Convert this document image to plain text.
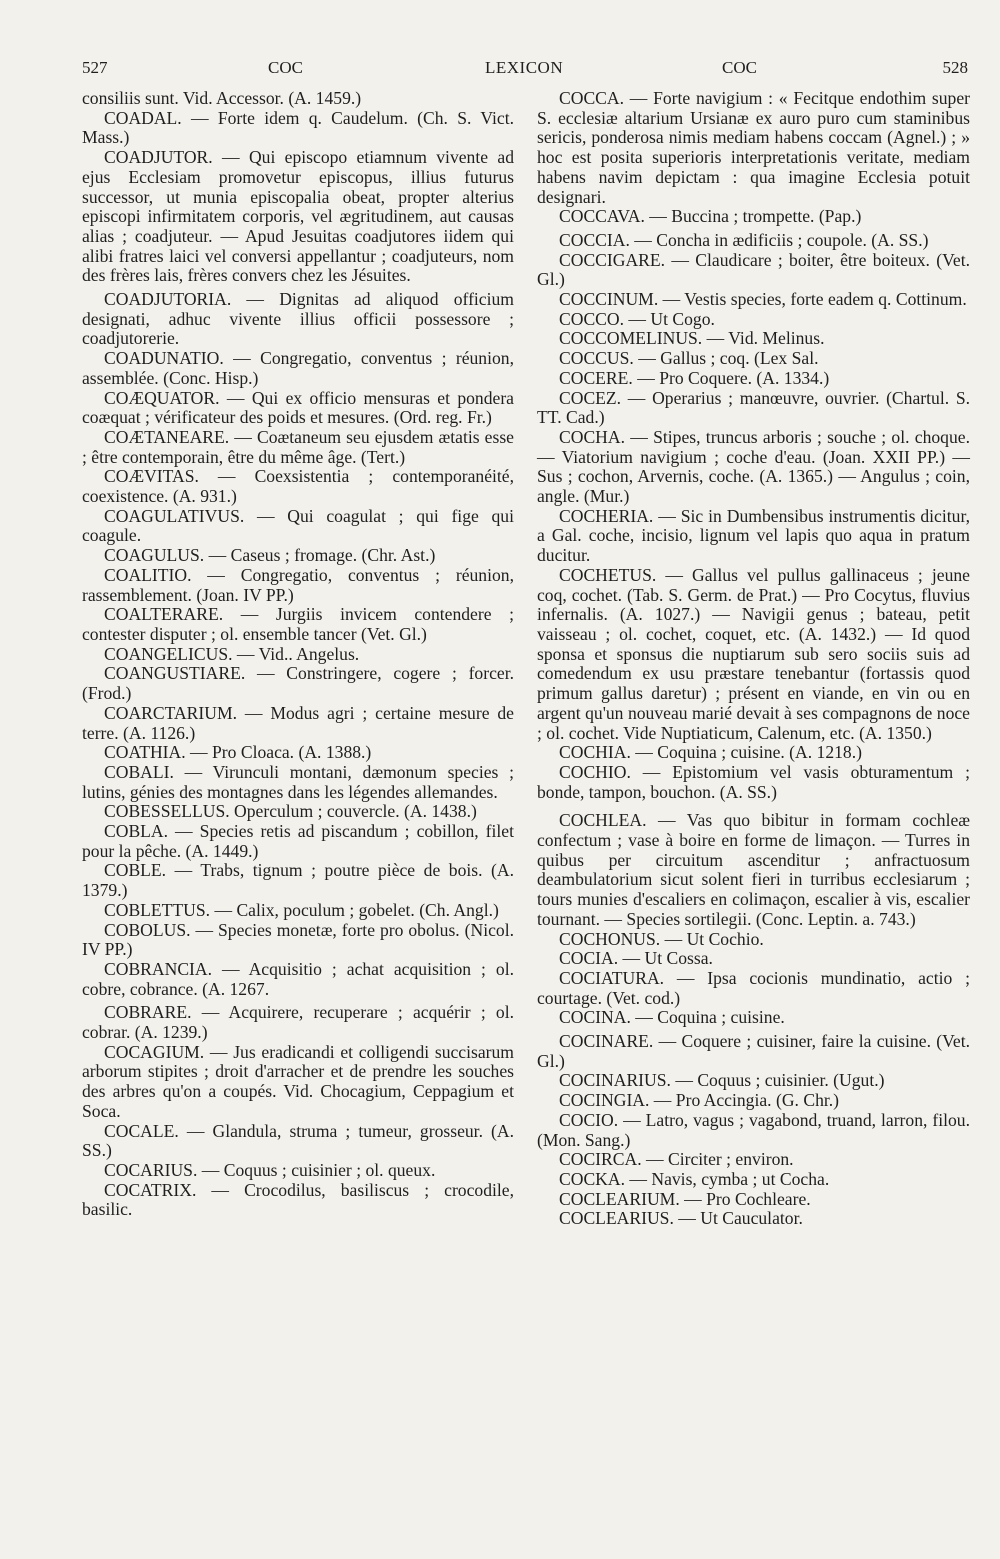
527	COC	LEXICON	COC	528

consiliis sunt. Vid. Accessor. (A. 1459.)

COADAL. — Forte idem q. Caudelum. (Ch. S. Vict. Mass.)

COADJUTOR. — Qui episcopo etiamnum vivente ad ejus Ecclesiam promovetur episcopus, illius futurus successor, ut munia episcopalia obeat, propter alterius episcopi infirmitatem corporis, vel ægritudinem, aut causas alias ; coadjuteur. — Apud Jesuitas coadjutores iidem qui alibi fratres laici vel conversi appellantur ; coadjuteurs, nom des frères lais, frères convers chez les Jésuites.

COADJUTORIA. — Dignitas ad aliquod officium designati, adhuc vivente illius officii possessore ; coadjutorerie.

COADUNATIO. — Congregatio, conventus ; réunion, assemblée. (Conc. Hisp.)

COÆQUATOR. — Qui ex officio mensuras et pondera coæquat ; vérificateur des poids et mesures. (Ord. reg. Fr.)

COÆTANEARE. — Coætaneum seu ejusdem ætatis esse ; être contemporain, être du même âge. (Tert.)

COÆVITAS. — Coexsistentia ; contemporanéité, coexistence. (A. 931.)

COAGULATIVUS. — Qui coagulat ; qui fige qui coagule.

COAGULUS. — Caseus ; fromage. (Chr. Ast.)

COALITIO. — Congregatio, conventus ; réunion, rassemblement. (Joan. IV PP.)

COALTERARE. — Jurgiis invicem contendere ; contester disputer ; ol. ensemble tancer (Vet. Gl.)

COANGELICUS. — Vid.. Angelus.

COANGUSTIARE. — Constringere, cogere ; forcer. (Frod.)

COARCTARIUM. — Modus agri ; certaine mesure de terre. (A. 1126.)

COATHIA. — Pro Cloaca. (A. 1388.)

COBALI. — Virunculi montani, dæmonum species ; lutins, génies des montagnes dans les légendes allemandes.

COBESSELLUS. Operculum ; couvercle. (A. 1438.)

COBLA. — Species retis ad piscandum ; cobillon, filet pour la pêche. (A. 1449.)

COBLE. — Trabs, tignum ; poutre pièce de bois. (A. 1379.)

COBLETTUS. — Calix, poculum ; gobelet. (Ch. Angl.)

COBOLUS. — Species monetæ, forte pro obolus. (Nicol. IV PP.)

COBRANCIA. — Acquisitio ; achat acquisition ; ol. cobre, cobrance. (A. 1267.

COBRARE. — Acquirere, recuperare ; acquérir ; ol. cobrar. (A. 1239.)

COCAGIUM. — Jus eradicandi et colligendi succisarum arborum stipites ; droit d'arracher et de prendre les souches des arbres qu'on a coupés. Vid. Chocagium, Ceppagium et Soca.

COCALE. — Glandula, struma ; tumeur, grosseur. (A. SS.)

COCARIUS. — Coquus ; cuisinier ; ol. queux.

COCATRIX. — Crocodilus, basiliscus ; crocodile, basilic.

COCCA. — Forte navigium : « Fecitque endothim super S. ecclesiæ altarium Ursianæ ex auro puro cum staminibus sericis, ponderosa nimis mediam habens coccam (Agnel.) ; » hoc est posita superioris interpretationis veritate, mediam habens navim depictam : qua imagine Ecclesia potuit designari.

COCCAVA. — Buccina ; trompette. (Pap.)

COCCIA. — Concha in ædificiis ; coupole. (A. SS.)

COCCIGARE. — Claudicare ; boiter, être boiteux. (Vet. Gl.)

COCCINUM. — Vestis species, forte eadem q. Cottinum.

COCCO. — Ut Cogo.

COCCOMELINUS. — Vid. Melinus.

COCCUS. — Gallus ; coq. (Lex Sal.

COCERE. — Pro Coquere. (A. 1334.)

COCEZ. — Operarius ; manœuvre, ouvrier. (Chartul. S. TT. Cad.)

COCHA. — Stipes, truncus arboris ; souche ; ol. choque. — Viatorium navigium ; coche d'eau. (Joan. XXII PP.) — Sus ; cochon, Arvernis, coche. (A. 1365.) — Angulus ; coin, angle. (Mur.)

COCHERIA. — Sic in Dumbensibus instrumentis dicitur, a Gal. coche, incisio, lignum vel lapis quo aqua in pratum ducitur.

COCHETUS. — Gallus vel pullus gallinaceus ; jeune coq, cochet. (Tab. S. Germ. de Prat.) — Pro Cocytus, fluvius infernalis. (A. 1027.) — Navigii genus ; bateau, petit vaisseau ; ol. cochet, coquet, etc. (A. 1432.) — Id quod sponsa et sponsus die nuptiarum sub sero sociis suis ad comedendum ex usu præstare tenebantur (fortassis quod primum gallus daretur) ; présent en viande, en vin ou en argent qu'un nouveau marié devait à ses compagnons de noce ; ol. cochet. Vide Nuptiaticum, Calenum, etc. (A. 1350.)

COCHIA. — Coquina ; cuisine. (A. 1218.)

COCHIO. — Epistomium vel vasis obturamentum ; bonde, tampon, bouchon. (A. SS.)

COCHLEA. — Vas quo bibitur in formam cochleæ confectum ; vase à boire en forme de limaçon. — Turres in quibus per circuitum ascenditur ; anfractuosum deambulatorium sicut solent fieri in turribus ecclesiarum ; tours munies d'escaliers en colimaçon, escalier à vis, escalier tournant. — Species sortilegii. (Conc. Leptin. a. 743.)

COCHONUS. — Ut Cochio.

COCIA. — Ut Cossa.

COCIATURA. — Ipsa cocionis mundinatio, actio ; courtage. (Vet. cod.)

COCINA. — Coquina ; cuisine.

COCINARE. — Coquere ; cuisiner, faire la cuisine. (Vet. Gl.)

COCINARIUS. — Coquus ; cuisinier. (Ugut.)

COCINGIA. — Pro Accingia. (G. Chr.)

COCIO. — Latro, vagus ; vagabond, truand, larron, filou. (Mon. Sang.)

COCIRCA. — Circiter ; environ.

COCKA. — Navis, cymba ; ut Cocha.

COCLEARIUM. — Pro Cochleare.

COCLEARIUS. — Ut Cauculator.
